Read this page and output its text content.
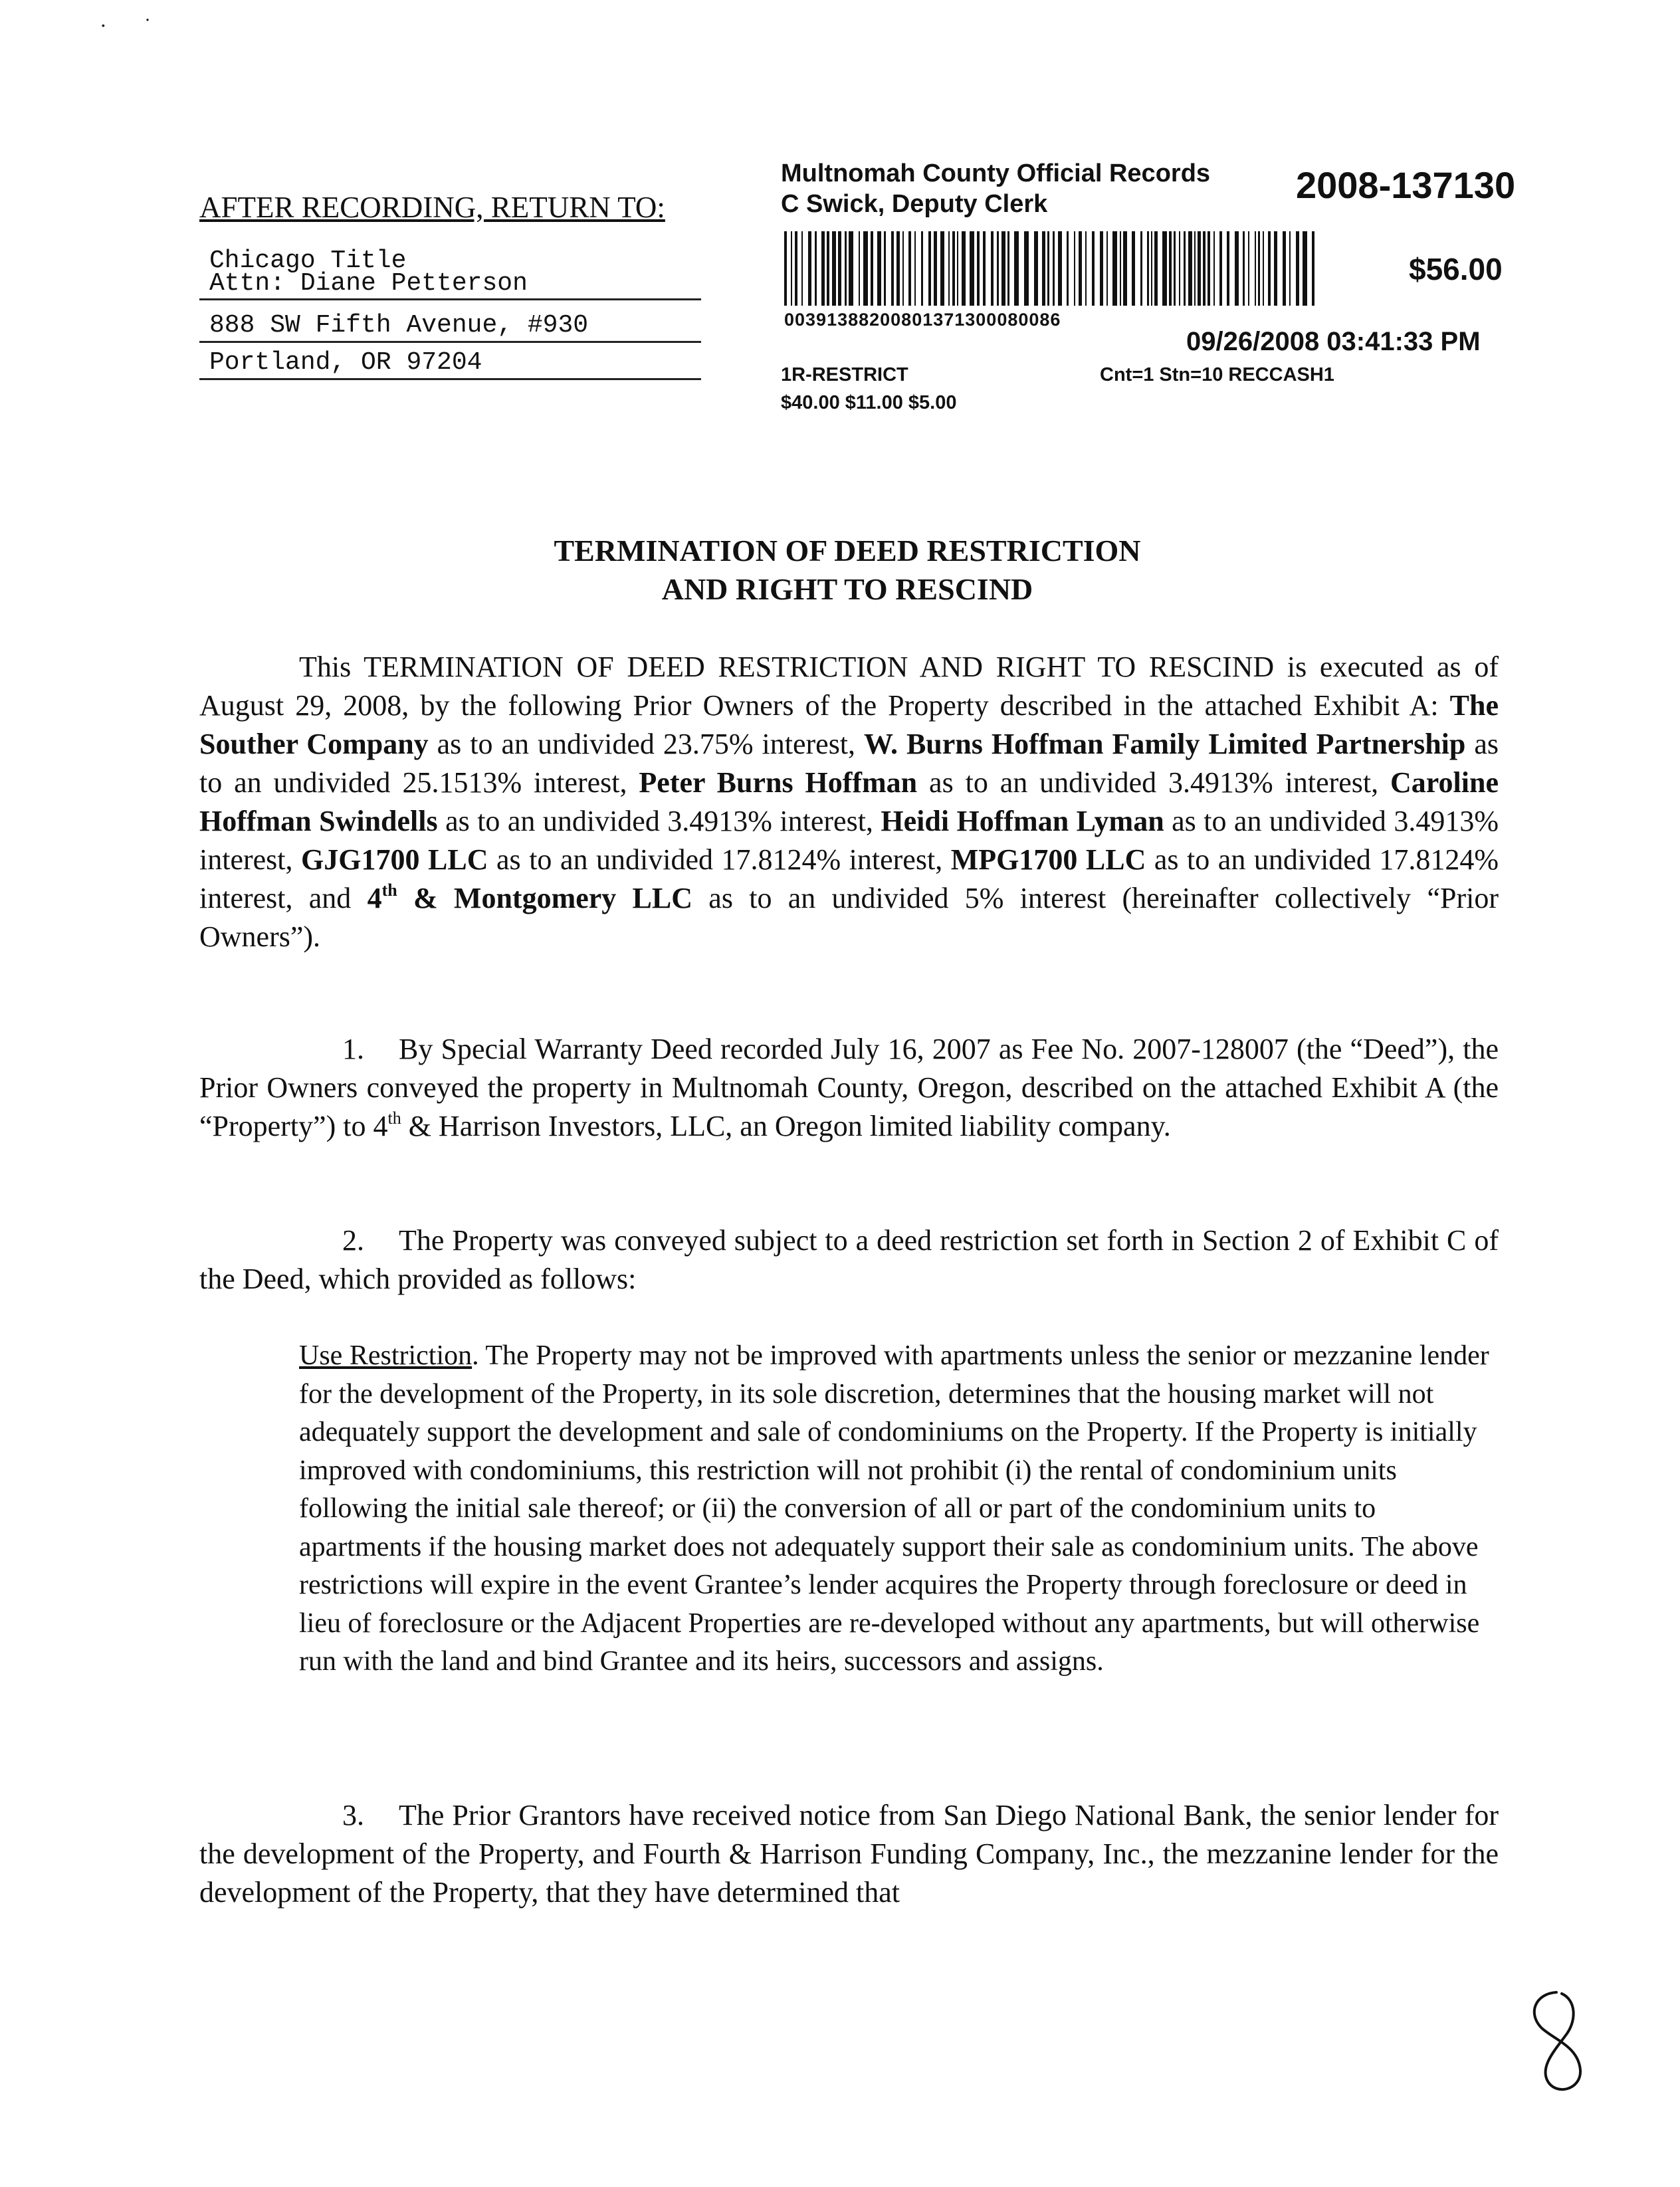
·       ˙
AFTER RECORDING, RETURN TO:
Chicago Title
Attn: Diane Petterson
888 SW Fifth Avenue, #930
Portland, OR 97204
Multnomah County Official Records
C Swick, Deputy Clerk	2008-137130
00391388200801371300080086
$56.00
09/26/2008 03:41:33 PM
1R-RESTRICT	Cnt=1 Stn=10 RECCASH1
$40.00 $11.00 $5.00
TERMINATION OF DEED RESTRICTION
AND RIGHT TO RESCIND
This TERMINATION OF DEED RESTRICTION AND RIGHT TO RESCIND is executed as of August 29, 2008, by the following Prior Owners of the Property described in the attached Exhibit A: The Souther Company as to an undivided 23.75% interest, W. Burns Hoffman Family Limited Partnership as to an undivided 25.1513% interest, Peter Burns Hoffman as to an undivided 3.4913% interest, Caroline Hoffman Swindells as to an undivided 3.4913% interest, Heidi Hoffman Lyman as to an undivided 3.4913% interest, GJG1700 LLC as to an undivided 17.8124% interest, MPG1700 LLC as to an undivided 17.8124% interest, and 4th & Montgomery LLC as to an undivided 5% interest (hereinafter collectively “Prior Owners”).
1. By Special Warranty Deed recorded July 16, 2007 as Fee No. 2007-128007 (the “Deed”), the Prior Owners conveyed the property in Multnomah County, Oregon, described on the attached Exhibit A (the “Property”) to 4th & Harrison Investors, LLC, an Oregon limited liability company.
2. The Property was conveyed subject to a deed restriction set forth in Section 2 of Exhibit C of the Deed, which provided as follows:
Use Restriction. The Property may not be improved with apartments unless the senior or mezzanine lender for the development of the Property, in its sole discretion, determines that the housing market will not adequately support the development and sale of condominiums on the Property. If the Property is initially improved with condominiums, this restriction will not prohibit (i) the rental of condominium units following the initial sale thereof; or (ii) the conversion of all or part of the condominium units to apartments if the housing market does not adequately support their sale as condominium units. The above restrictions will expire in the event Grantee’s lender acquires the Property through foreclosure or deed in lieu of foreclosure or the Adjacent Properties are re-developed without any apartments, but will otherwise run with the land and bind Grantee and its heirs, successors and assigns.
3. The Prior Grantors have received notice from San Diego National Bank, the senior lender for the development of the Property, and Fourth & Harrison Funding Company, Inc., the mezzanine lender for the development of the Property, that they have determined that
